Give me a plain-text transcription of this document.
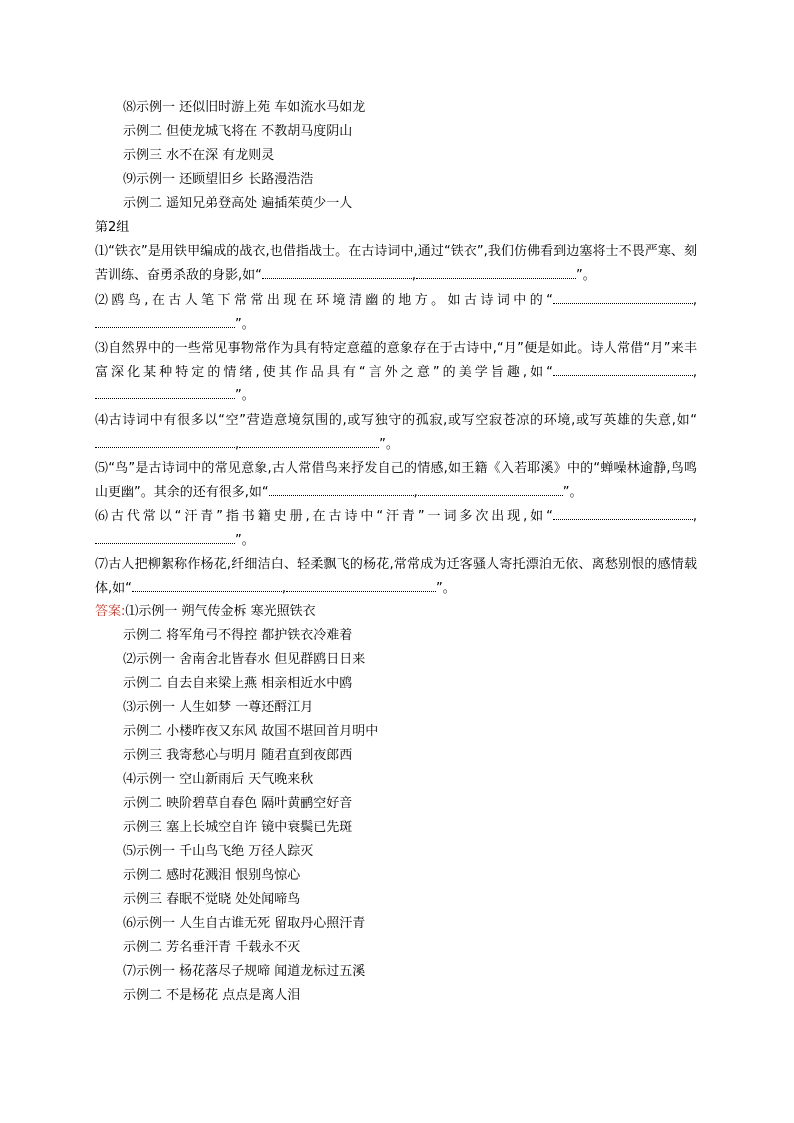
⑻示例一 还似旧时游上苑 车如流水马如龙
示例二 但使龙城飞将在 不教胡马度阴山
示例三 水不在深 有龙则灵
⑼示例一 还顾望旧乡 长路漫浩浩
示例二 遥知兄弟登高处 遍插茱萸少一人
第2组
⑴“铁衣”是用铁甲编成的战衣,也借指战士。在古诗词中,通过“铁衣”,我们仿佛看到边塞将士不畏严寒、刻苦训练、奋勇杀敌的身影,如“	,	”。
⑵鸥鸟,在古人笔下常常出现在环境清幽的地方。如古诗词中的“	,”。
⑶自然界中的一些常见事物常作为具有特定意蕴的意象存在于古诗中,“月”便是如此。诗人常借“月”来丰富深化某种特定的情绪,使其作品具有“言外之意”的美学旨趣,如“	,”。
⑷古诗词中有很多以“空”营造意境氛围的,或写独守的孤寂,或写空寂苍凉的环境,或写英雄的失意,如“,	”。
⑸“鸟”是古诗词中的常见意象,古人常借鸟来抒发自己的情感,如王籍《入若耶溪》中的“蝉噪林逾静,鸟鸣山更幽”。其余的还有很多,如“	,	”。
⑹古代常以“汗青”指书籍史册,在古诗中“汗青”一词多次出现,如“	,”。
⑺古人把柳絮称作杨花,纤细洁白、轻柔飘飞的杨花,常常成为迁客骚人寄托漂泊无依、离愁别恨的感情载体,如“	,	”。
答案:⑴示例一 朔气传金柝 寒光照铁衣
示例二 将军角弓不得控 都护铁衣冷难着
⑵示例一 舍南舍北皆春水 但见群鸥日日来
示例二 自去自来梁上燕 相亲相近水中鸥
⑶示例一 人生如梦 一尊还酹江月
示例二 小楼昨夜又东风 故国不堪回首月明中
示例三 我寄愁心与明月 随君直到夜郎西
⑷示例一 空山新雨后 天气晚来秋
示例二 映阶碧草自春色 隔叶黄鹂空好音
示例三 塞上长城空自许 镜中衰鬓已先斑
⑸示例一 千山鸟飞绝 万径人踪灭
示例二 感时花溅泪 恨别鸟惊心
示例三 春眠不觉晓 处处闻啼鸟
⑹示例一 人生自古谁无死 留取丹心照汗青
示例二 芳名垂汗青 千载永不灭
⑺示例一 杨花落尽子规啼 闻道龙标过五溪
示例二 不是杨花 点点是离人泪
